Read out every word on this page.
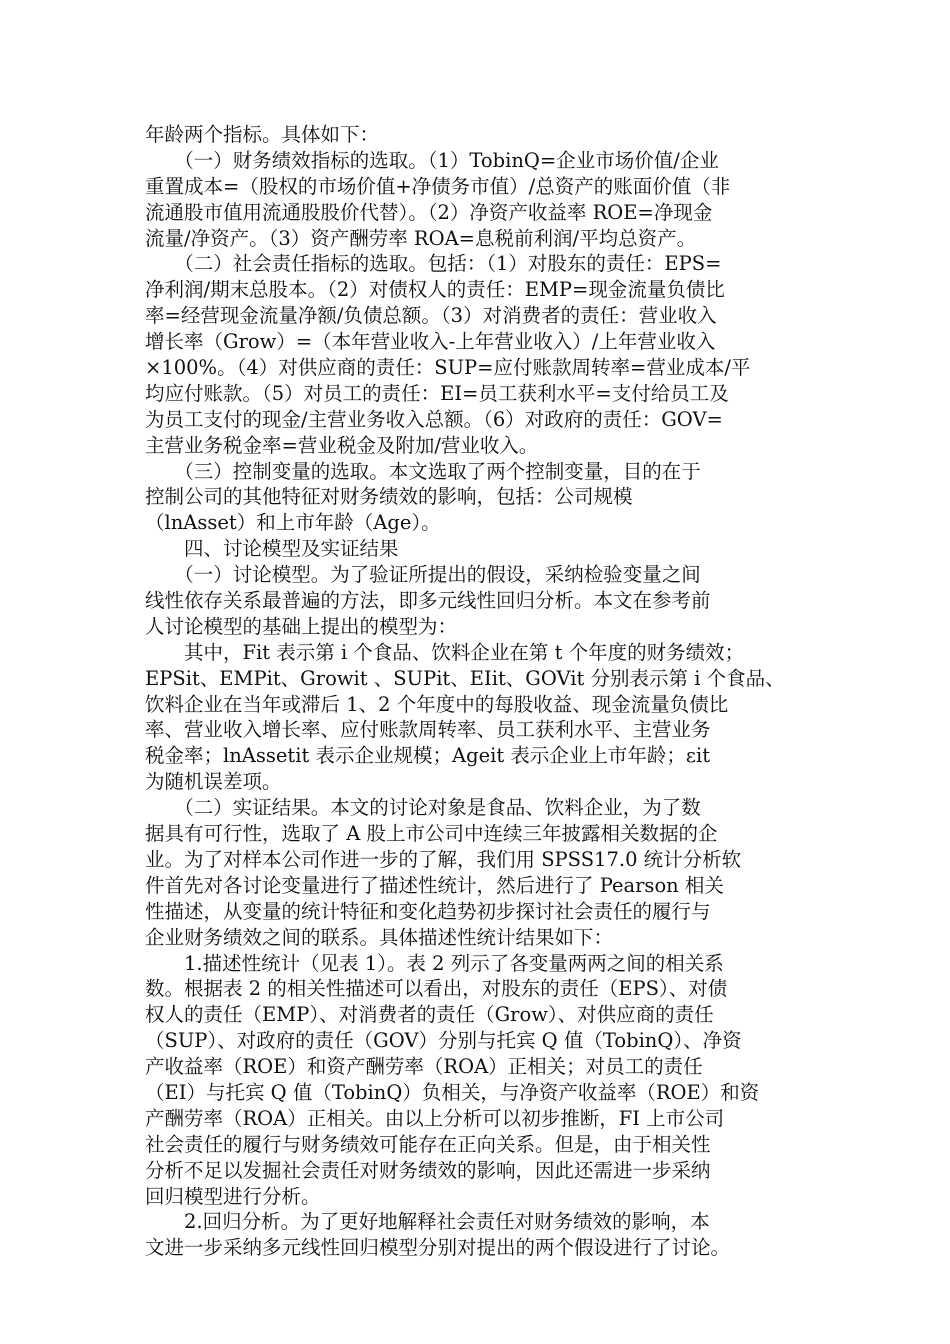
年龄两个指标。具体如下：
　　（一）财务绩效指标的选取。（1）TobinQ=企业市场价值/企业
重置成本=（股权的市场价值+净债务市值）/总资产的账面价值（非
流通股市值用流通股股价代替）。（2）净资产收益率 ROE=净现金
流量/净资产。（3）资产酬劳率 ROA=息税前利润/平均总资产。
　　（二）社会责任指标的选取。包括：（1）对股东的责任：EPS=
净利润/期末总股本。（2）对债权人的责任：EMP=现金流量负债比
率=经营现金流量净额/负债总额。（3）对消费者的责任：营业收入
增长率（Grow）=（本年营业收入-上年营业收入）/上年营业收入
×100%。（4）对供应商的责任：SUP=应付账款周转率=营业成本/平
均应付账款。（5）对员工的责任：EI=员工获利水平=支付给员工及
为员工支付的现金/主营业务收入总额。（6）对政府的责任：GOV=
主营业务税金率=营业税金及附加/营业收入。
　　（三）控制变量的选取。本文选取了两个控制变量，目的在于
控制公司的其他特征对财务绩效的影响，包括：公司规模
（lnAsset）和上市年龄（Age）。
　　四、讨论模型及实证结果
　　（一）讨论模型。为了验证所提出的假设，采纳检验变量之间
线性依存关系最普遍的方法，即多元线性回归分析。本文在参考前
人讨论模型的基础上提出的模型为：
　　其中，Fit 表示第 i 个食品、饮料企业在第 t 个年度的财务绩效；
EPSit、EMPit、Growit 、SUPit、EIit、GOVit 分别表示第 i 个食品、
饮料企业在当年或滞后 1、2 个年度中的每股收益、现金流量负债比
率、营业收入增长率、应付账款周转率、员工获利水平、主营业务
税金率；lnAssetit 表示企业规模；Ageit 表示企业上市年龄；εit
为随机误差项。
　　（二）实证结果。本文的讨论对象是食品、饮料企业，为了数
据具有可行性，选取了 A 股上市公司中连续三年披露相关数据的企
业。为了对样本公司作进一步的了解，我们用 SPSS17.0 统计分析软
件首先对各讨论变量进行了描述性统计，然后进行了 Pearson 相关
性描述，从变量的统计特征和变化趋势初步探讨社会责任的履行与
企业财务绩效之间的联系。具体描述性统计结果如下：
　　1.描述性统计（见表 1）。表 2 列示了各变量两两之间的相关系
数。根据表 2 的相关性描述可以看出，对股东的责任（EPS）、对债
权人的责任（EMP）、对消费者的责任（Grow）、对供应商的责任
（SUP）、对政府的责任（GOV）分别与托宾 Q 值（TobinQ）、净资
产收益率（ROE）和资产酬劳率（ROA）正相关；对员工的责任
（EI）与托宾 Q 值（TobinQ）负相关，与净资产收益率（ROE）和资
产酬劳率（ROA）正相关。由以上分析可以初步推断，FI 上市公司
社会责任的履行与财务绩效可能存在正向关系。但是，由于相关性
分析不足以发掘社会责任对财务绩效的影响，因此还需进一步采纳
回归模型进行分析。
　　2.回归分析。为了更好地解释社会责任对财务绩效的影响，本
文进一步采纳多元线性回归模型分别对提出的两个假设进行了讨论。
